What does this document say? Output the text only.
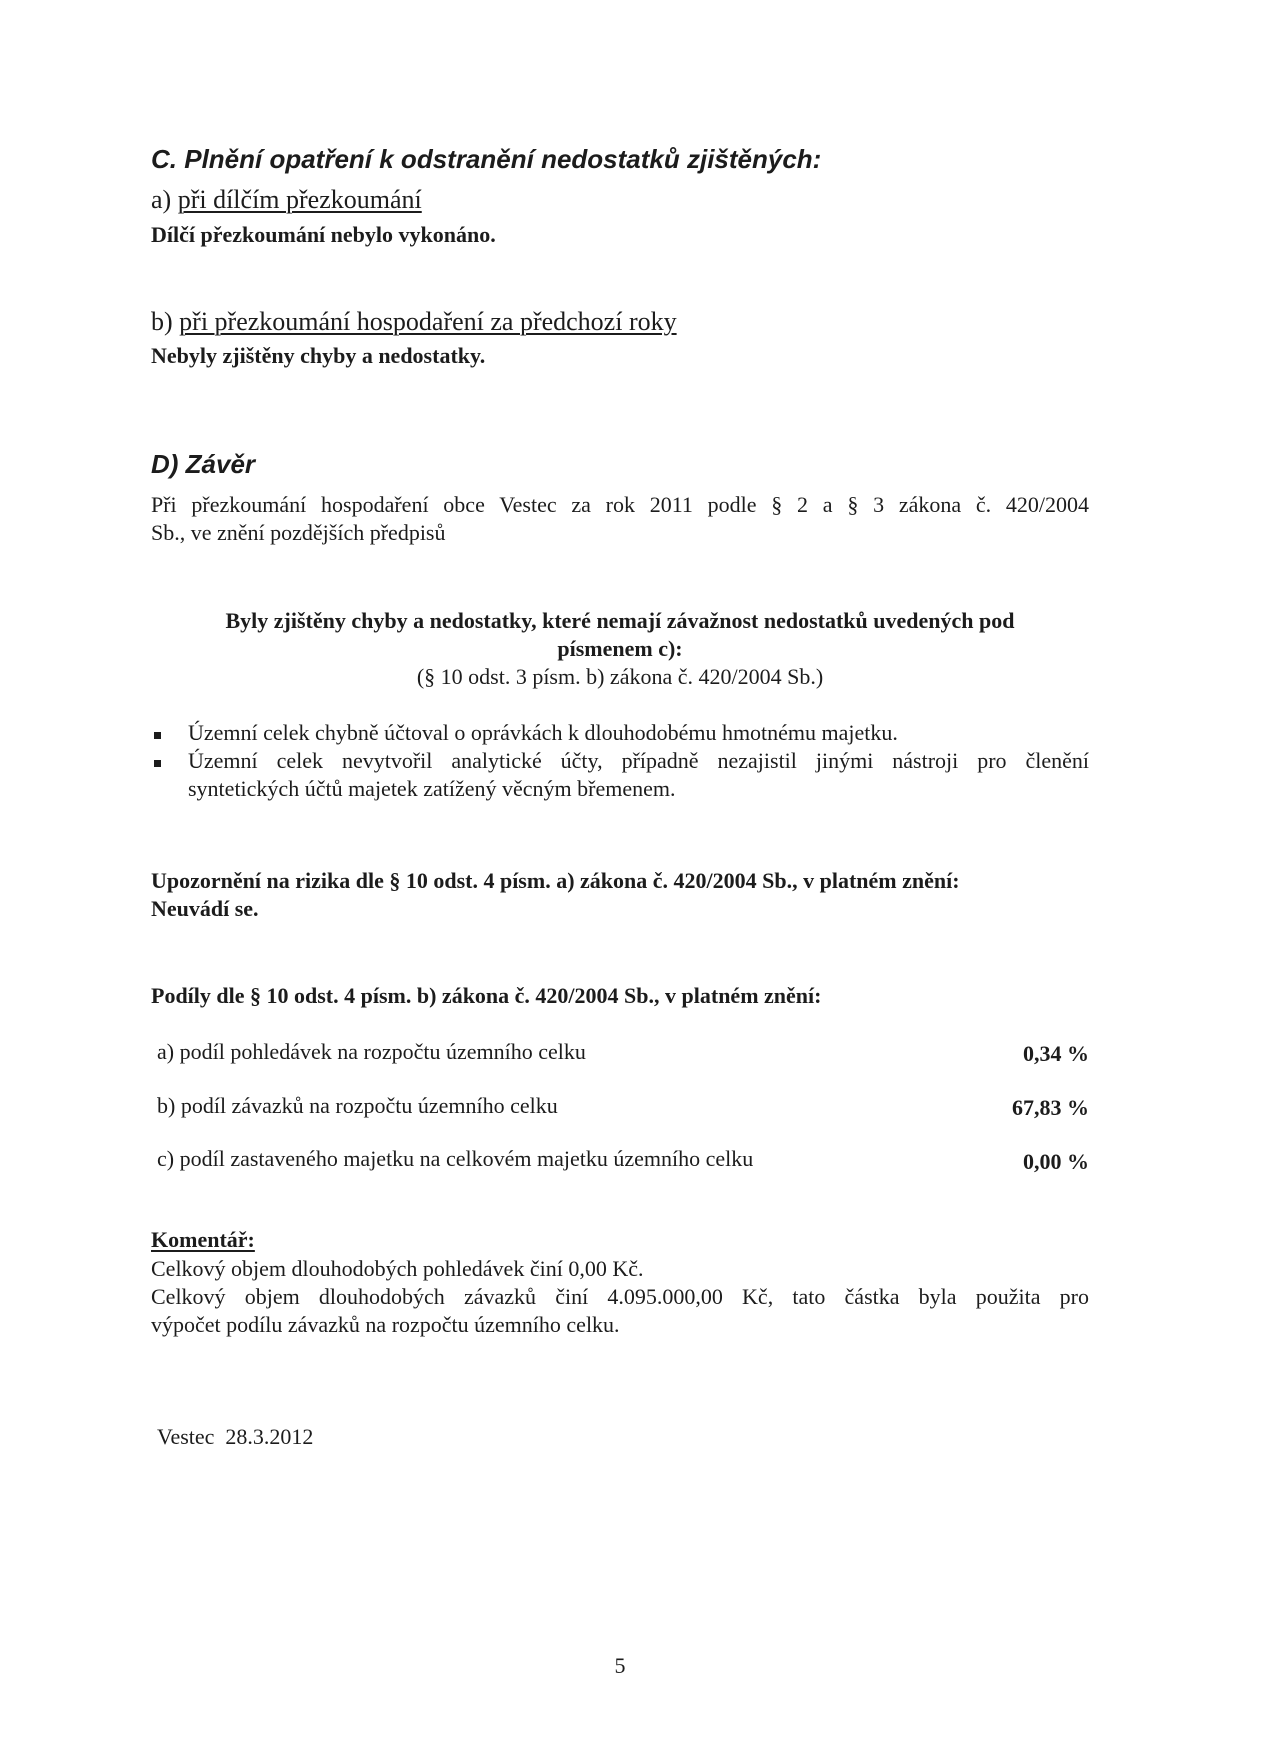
C. Plnění opatření k odstranění nedostatků zjištěných:
a) při dílčím přezkoumání
Dílčí přezkoumání nebylo vykonáno.
b) při přezkoumání hospodaření za předchozí roky
Nebyly zjištěny chyby a nedostatky.
D) Závěr
Při přezkoumání hospodaření obce Vestec za rok 2011 podle § 2 a § 3 zákona č. 420/2004
Sb., ve znění pozdějších předpisů
Byly zjištěny chyby a nedostatky, které nemají závažnost nedostatků uvedených pod
písmenem c):
(§ 10 odst. 3 písm. b) zákona č. 420/2004 Sb.)
Územní celek chybně účtoval o oprávkách k dlouhodobému hmotnému majetku.
Územní celek nevytvořil analytické účty, případně nezajistil jinými nástroji pro členění
syntetických účtů majetek zatížený věcným břemenem.
Upozornění na rizika dle § 10 odst. 4 písm. a) zákona č. 420/2004 Sb., v platném znění:
Neuvádí se.
Podíly dle § 10 odst. 4 písm. b) zákona č. 420/2004 Sb., v platném znění:
a) podíl pohledávek na rozpočtu územního celku	0,34 %
b) podíl závazků na rozpočtu územního celku	67,83 %
c) podíl zastaveného majetku na celkovém majetku územního celku	0,00 %
Komentář:
Celkový objem dlouhodobých pohledávek činí 0,00 Kč.
Celkový objem dlouhodobých závazků činí 4.095.000,00 Kč, tato částka byla použita pro
výpočet podílu závazků na rozpočtu územního celku.
Vestec  28.3.2012
5
